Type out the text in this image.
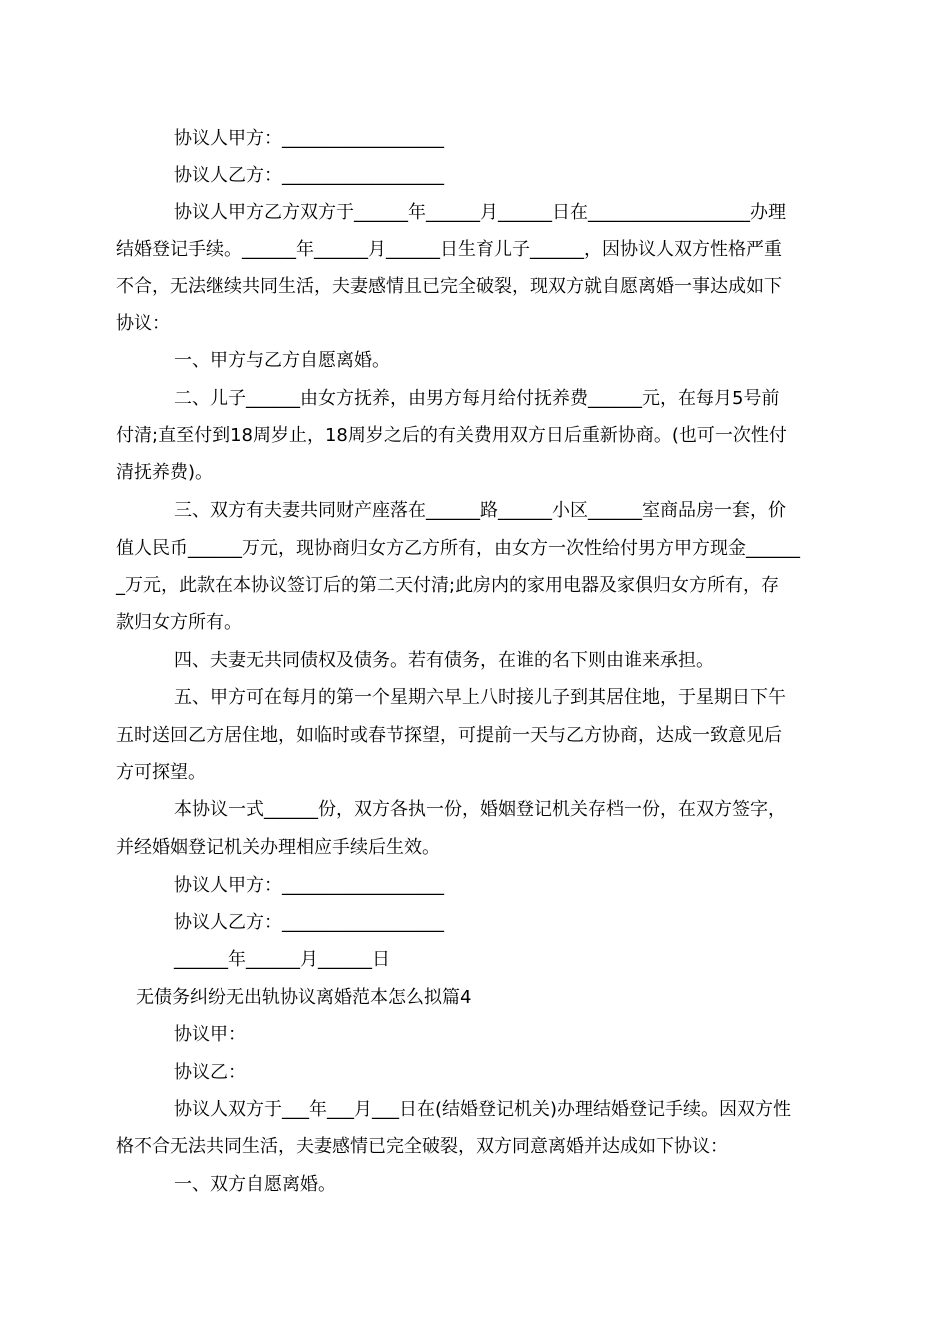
协议人甲方：__________________
协议人乙方：__________________
协议人甲方乙方双方于______年______月______日在__________________办理
结婚登记手续。______年______月______日生育儿子______，因协议人双方性格严重
不合，无法继续共同生活，夫妻感情且已完全破裂，现双方就自愿离婚一事达成如下
协议：
一、甲方与乙方自愿离婚。
二、儿子______由女方抚养，由男方每月给付抚养费______元，在每月5号前
付清;直至付到18周岁止，18周岁之后的有关费用双方日后重新协商。(也可一次性付
清抚养费)。
三、双方有夫妻共同财产座落在______路______小区______室商品房一套，价
值人民币______万元，现协商归女方乙方所有，由女方一次性给付男方甲方现金______
_万元，此款在本协议签订后的第二天付清;此房内的家用电器及家俱归女方所有，存
款归女方所有。
四、夫妻无共同债权及债务。若有债务，在谁的名下则由谁来承担。
五、甲方可在每月的第一个星期六早上八时接儿子到其居住地，于星期日下午
五时送回乙方居住地，如临时或春节探望，可提前一天与乙方协商，达成一致意见后
方可探望。
本协议一式______份，双方各执一份，婚姻登记机关存档一份，在双方签字，
并经婚姻登记机关办理相应手续后生效。
协议人甲方：__________________
协议人乙方：__________________
______年______月______日
无债务纠纷无出轨协议离婚范本怎么拟篇4
协议甲：
协议乙：
协议人双方于___年___月___日在(结婚登记机关)办理结婚登记手续。因双方性
格不合无法共同生活，夫妻感情已完全破裂，双方同意离婚并达成如下协议：
一、双方自愿离婚。
